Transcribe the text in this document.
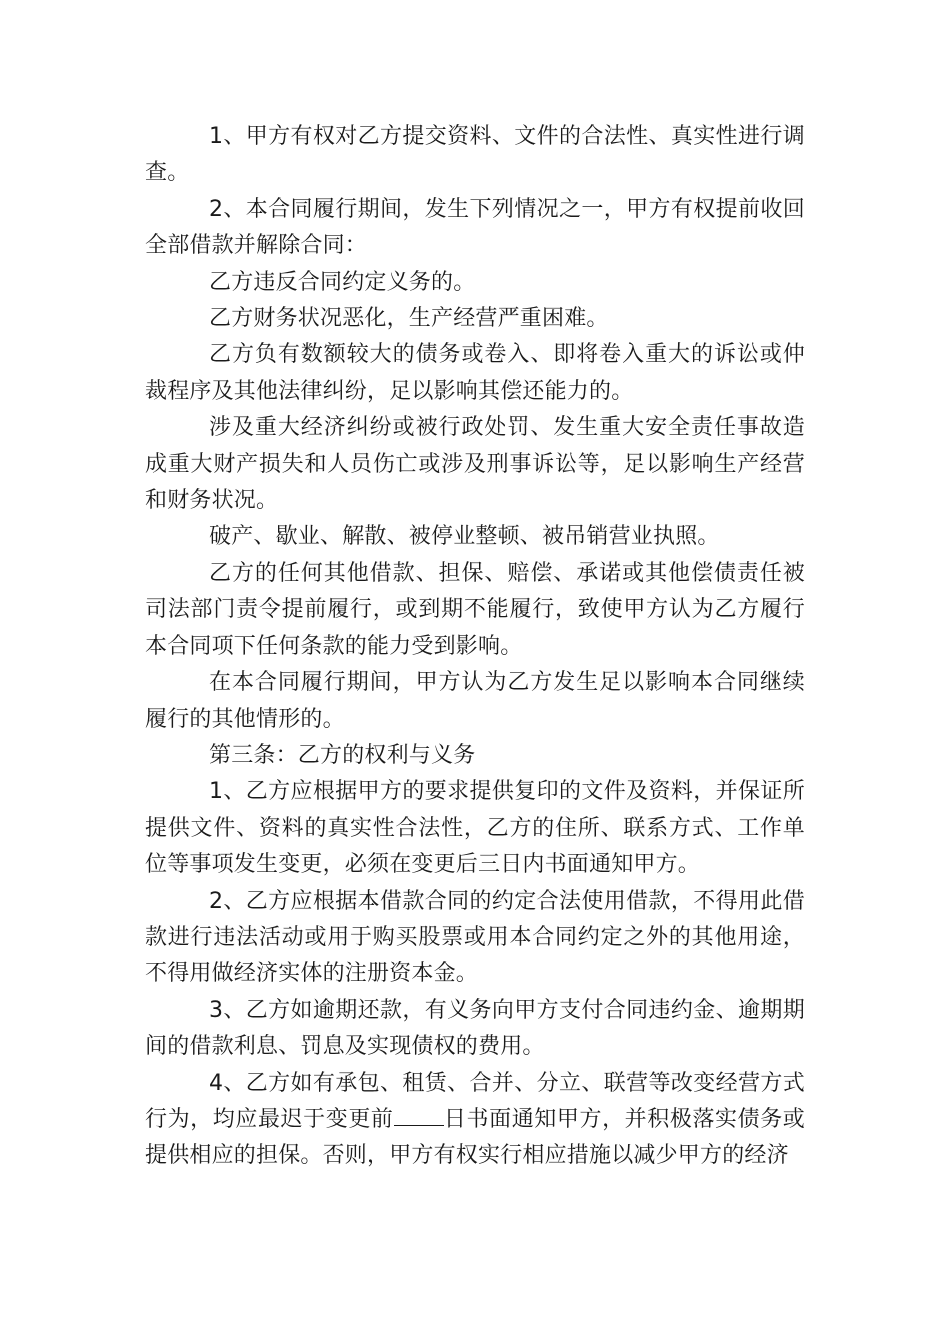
1、甲方有权对乙方提交资料、文件的合法性、真实性进行调查。

2、本合同履行期间，发生下列情况之一，甲方有权提前收回全部借款并解除合同：

乙方违反合同约定义务的。

乙方财务状况恶化，生产经营严重困难。

乙方负有数额较大的债务或卷入、即将卷入重大的诉讼或仲裁程序及其他法律纠纷，足以影响其偿还能力的。

涉及重大经济纠纷或被行政处罚、发生重大安全责任事故造成重大财产损失和人员伤亡或涉及刑事诉讼等，足以影响生产经营和财务状况。

破产、歇业、解散、被停业整顿、被吊销营业执照。

乙方的任何其他借款、担保、赔偿、承诺或其他偿债责任被司法部门责令提前履行，或到期不能履行，致使甲方认为乙方履行本合同项下任何条款的能力受到影响。

在本合同履行期间，甲方认为乙方发生足以影响本合同继续履行的其他情形的。

第三条：乙方的权利与义务

1、乙方应根据甲方的要求提供复印的文件及资料，并保证所提供文件、资料的真实性合法性，乙方的住所、联系方式、工作单位等事项发生变更，必须在变更后三日内书面通知甲方。

2、乙方应根据本借款合同的约定合法使用借款，不得用此借款进行违法活动或用于购买股票或用本合同约定之外的其他用途，不得用做经济实体的注册资本金。

3、乙方如逾期还款，有义务向甲方支付合同违约金、逾期期间的借款利息、罚息及实现债权的费用。

4、乙方如有承包、租赁、合并、分立、联营等改变经营方式行为，均应最迟于变更前 日书面通知甲方，并积极落实债务或提供相应的担保。否则，甲方有权实行相应措施以减少甲方的经济
